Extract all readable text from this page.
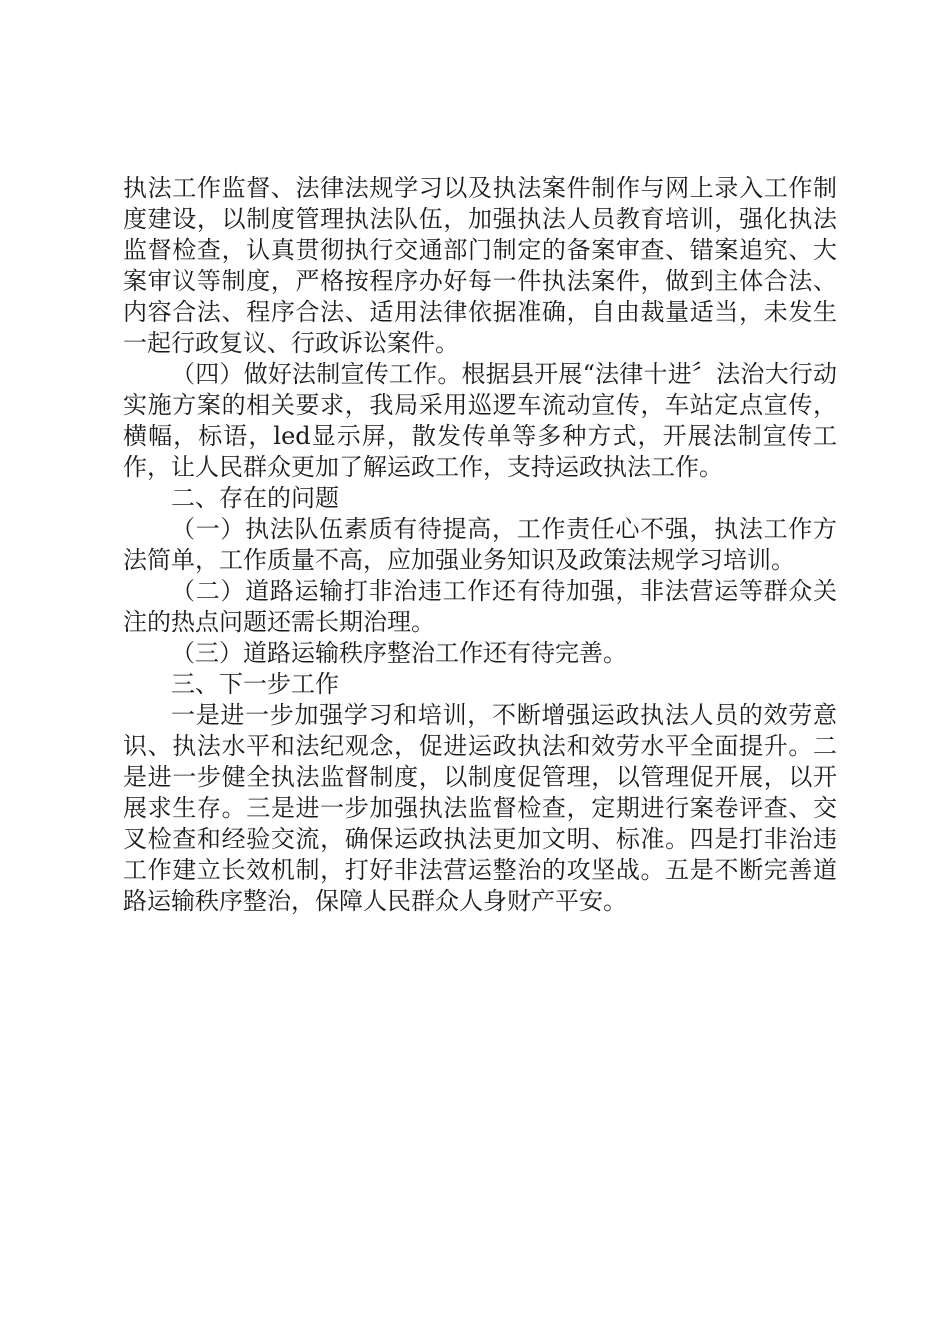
执法工作监督、法律法规学习以及执法案件制作与网上录入工作制度建设，以制度管理执法队伍，加强执法人员教育培训，强化执法监督检查，认真贯彻执行交通部门制定的备案审查、错案追究、大案审议等制度，严格按程序办好每一件执法案件，做到主体合法、内容合法、程序合法、适用法律依据准确，自由裁量适当，未发生一起行政复议、行政诉讼案件。

（四）做好法制宣传工作。根据县开展“法律十进〞法治大行动实施方案的相关要求，我局采用巡逻车流动宣传，车站定点宣传，横幅，标语，led显示屏，散发传单等多种方式，开展法制宣传工作，让人民群众更加了解运政工作，支持运政执法工作。

二、存在的问题

（一）执法队伍素质有待提高，工作责任心不强，执法工作方法简单，工作质量不高，应加强业务知识及政策法规学习培训。

（二）道路运输打非治违工作还有待加强，非法营运等群众关注的热点问题还需长期治理。

（三）道路运输秩序整治工作还有待完善。

三、下一步工作

一是进一步加强学习和培训，不断增强运政执法人员的效劳意识、执法水平和法纪观念，促进运政执法和效劳水平全面提升。二是进一步健全执法监督制度，以制度促管理，以管理促开展，以开展求生存。三是进一步加强执法监督检查，定期进行案卷评查、交叉检查和经验交流，确保运政执法更加文明、标准。四是打非治违工作建立长效机制，打好非法营运整治的攻坚战。五是不断完善道路运输秩序整治，保障人民群众人身财产平安。
